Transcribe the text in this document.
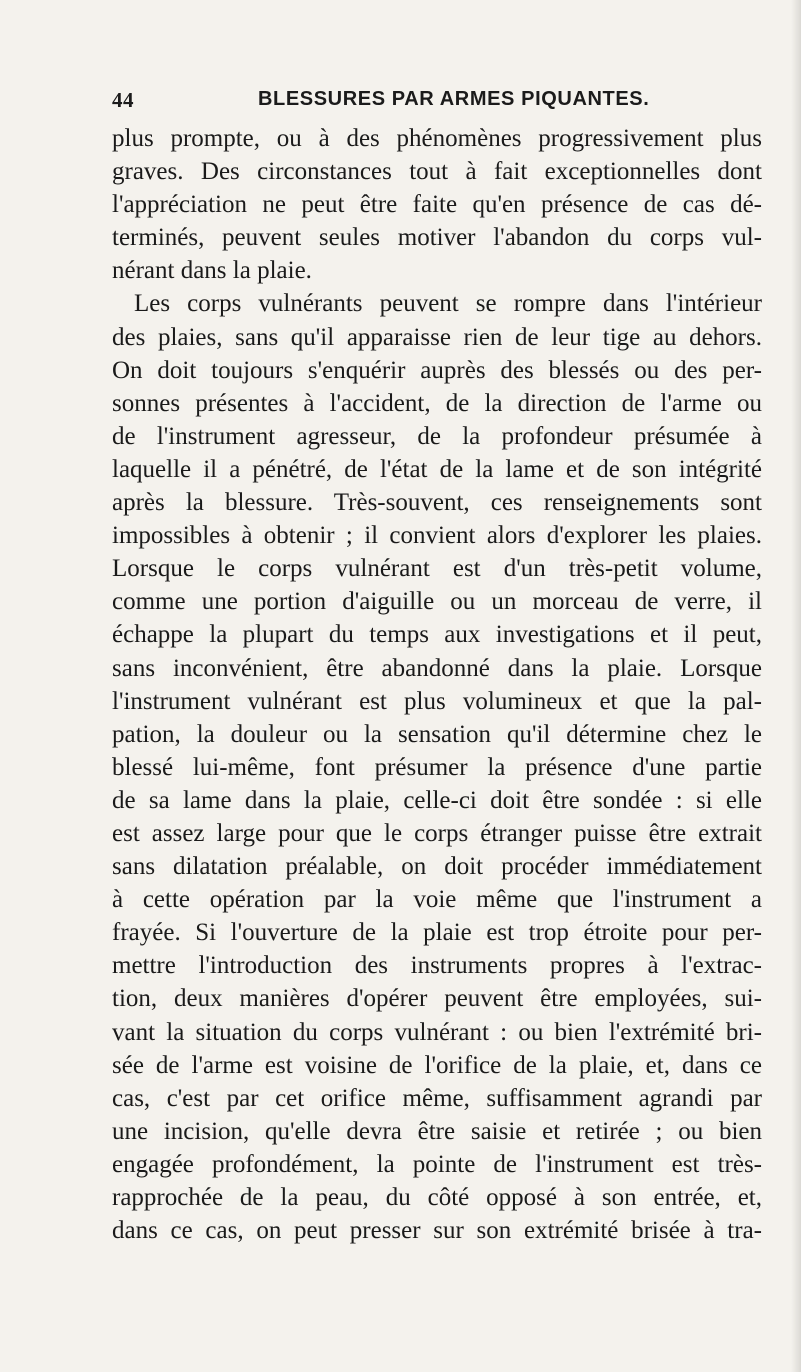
44	BLESSURES PAR ARMES PIQUANTES.
plus prompte, ou à des phénomènes progressivement plus
graves. Des circonstances tout à fait exceptionnelles dont
l'appréciation ne peut être faite qu'en présence de cas dé-
terminés, peuvent seules motiver l'abandon du corps vul-
nérant dans la plaie.
Les corps vulnérants peuvent se rompre dans l'intérieur
des plaies, sans qu'il apparaisse rien de leur tige au dehors.
On doit toujours s'enquérir auprès des blessés ou des per-
sonnes présentes à l'accident, de la direction de l'arme ou
de l'instrument agresseur, de la profondeur présumée à
laquelle il a pénétré, de l'état de la lame et de son intégrité
après la blessure. Très-souvent, ces renseignements sont
impossibles à obtenir ; il convient alors d'explorer les plaies.
Lorsque le corps vulnérant est d'un très-petit volume,
comme une portion d'aiguille ou un morceau de verre, il
échappe la plupart du temps aux investigations et il peut,
sans inconvénient, être abandonné dans la plaie. Lorsque
l'instrument vulnérant est plus volumineux et que la pal-
pation, la douleur ou la sensation qu'il détermine chez le
blessé lui-même, font présumer la présence d'une partie
de sa lame dans la plaie, celle-ci doit être sondée : si elle
est assez large pour que le corps étranger puisse être extrait
sans dilatation préalable, on doit procéder immédiatement
à cette opération par la voie même que l'instrument a
frayée. Si l'ouverture de la plaie est trop étroite pour per-
mettre l'introduction des instruments propres à l'extrac-
tion, deux manières d'opérer peuvent être employées, sui-
vant la situation du corps vulnérant : ou bien l'extrémité bri-
sée de l'arme est voisine de l'orifice de la plaie, et, dans ce
cas, c'est par cet orifice même, suffisamment agrandi par
une incision, qu'elle devra être saisie et retirée ; ou bien
engagée profondément, la pointe de l'instrument est très-
rapprochée de la peau, du côté opposé à son entrée, et,
dans ce cas, on peut presser sur son extrémité brisée à tra-
